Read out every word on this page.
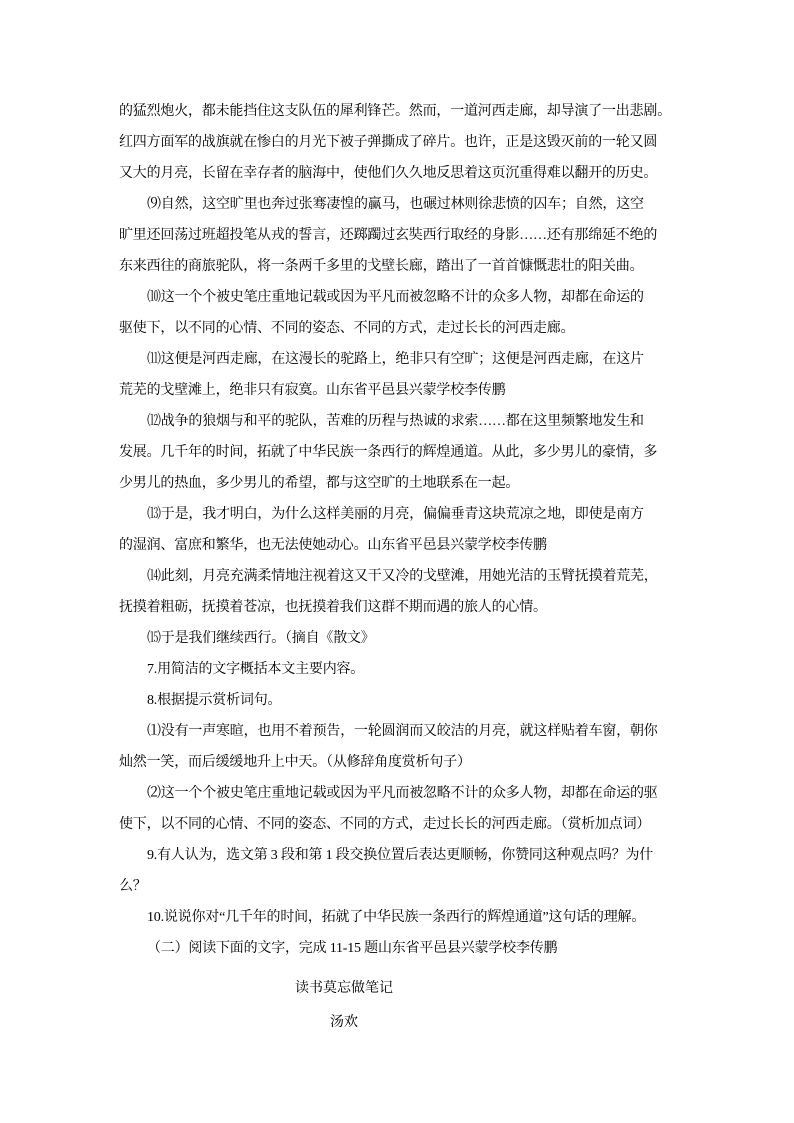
的猛烈炮火，都未能挡住这支队伍的犀利锋芒。然而，一道河西走廊，却导演了一出悲剧。
红四方面军的战旗就在惨白的月光下被子弹撕成了碎片。也许，正是这毁灭前的一轮又圆
又大的月亮，长留在幸存者的脑海中，使他们久久地反思着这页沉重得难以翻开的历史。
⑼自然，这空旷里也奔过张骞凄惶的赢马，也碾过林则徐悲愤的囚车；自然，这空
旷里还回荡过班超投笔从戎的誓言，还踯躅过玄奘西行取经的身影……还有那绵延不绝的
东来西往的商旅驼队，将一条两千多里的戈壁长廊，踏出了一首首慷慨悲壮的阳关曲。
⑽这一个个被史笔庄重地记载或因为平凡而被忽略不计的众多人物，却都在命运的
驱使下，以不同的心情、不同的姿态、不同的方式，走过长长的河西走廊。
⑾这便是河西走廊，在这漫长的驼路上，绝非只有空旷；这便是河西走廊，在这片
荒芜的戈壁滩上，绝非只有寂寞。山东省平邑县兴蒙学校李传鹏
⑿战争的狼烟与和平的驼队，苦难的历程与热诚的求索……都在这里频繁地发生和
发展。几千年的时间，拓就了中华民族一条西行的辉煌通道。从此，多少男儿的豪情，多
少男儿的热血，多少男儿的希望，都与这空旷的土地联系在一起。
⒀于是，我才明白，为什么这样美丽的月亮，偏偏垂青这块荒凉之地，即使是南方
的湿润、富庶和繁华，也无法使她动心。山东省平邑县兴蒙学校李传鹏
⒁此刻，月亮充满柔情地注视着这又干又冷的戈壁滩，用她光洁的玉臂抚摸着荒芜，
抚摸着粗砺，抚摸着苍凉，也抚摸着我们这群不期而遇的旅人的心情。
⒂于是我们继续西行。（摘自《散文》
7.用简洁的文字概括本文主要内容。
8.根据提示赏析词句。
⑴没有一声寒暄，也用不着预告，一轮圆润而又皎洁的月亮，就这样贴着车窗，朝你
灿然一笑，而后缓缓地升上中天。（从修辞角度赏析句子）
⑵这一个个被史笔庄重地记载或因为平凡而被忽略不计的众多人物，却都在命运的驱
使下，以不同的心情、不同的姿态、不同的方式，走过长长的河西走廊。（赏析加点词）
9.有人认为，选文第 3 段和第 1 段交换位置后表达更顺畅，你赞同这种观点吗？为什
么？
10.说说你对“几千年的时间，拓就了中华民族一条西行的辉煌通道”这句话的理解。
（二）阅读下面的文字，完成 11-15 题山东省平邑县兴蒙学校李传鹏
读书莫忘做笔记
汤欢
